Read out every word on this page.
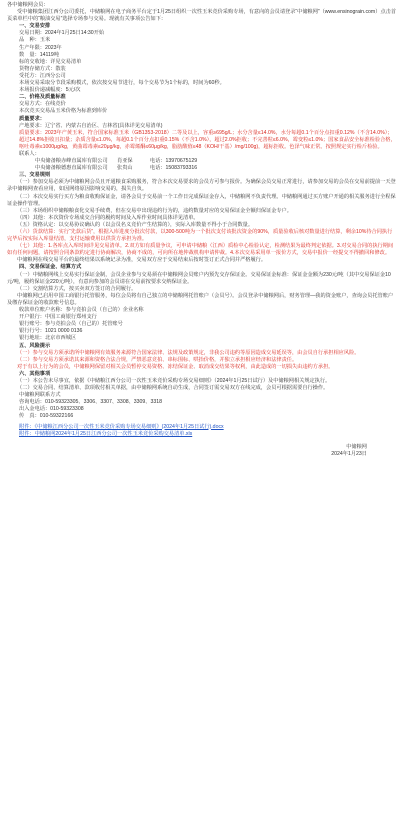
各中储粮网会员：

受中储粮集团江西分公司委托，中储粮网在电子商务平台定于1月25日组织一次性玉米竞价采购专场，有意向的会员请登录“中储粮网”（www.ensinograin.com）点击首页菜单栏中的“粮油交易”选择专场参与交易。现就有关事项公告如下：

一、交易安排

交易日期：2024年1月25日14:30开始

品　种：玉米

生产年限：2023年

数　量：14119吨

标的交收地：详见交易清单

货物存储方式：散装

受托方：江西分公司

本场交易采取分节段采购模式，依次按交易节进行，每个交易节为1个标的，时间为60秒。

本场报价递减幅度：5元/次

二、价格及质量标准

交易方式：在线竞价

本次竞买交易品玉米价格为标准到库价

质量要求：

产地要求：辽宁省、内蒙古自治区、吉林省(具体详见交易清单)

质量要求：2023年产黄玉米，符合国家标准玉米（GB1353-2018）二等及以上，容重≥695g/L；水分含量≤14.0%，水分每超0.1个百分点扣重0.12%（不含14.0%）；超过14.8%拒收且扣量；杂质含量≤1.0%，每超0.1个百分点扣重0.15%（不含1.0%），超过2.0%拒收；不完善粒≤6.0%，霉变粒≤1.0%；国家食品安全标准检验合格，呕吐毒素≤1000μg/kg，黄曲霉毒素≤20μg/kg，赤霉烯酮≤60μg/kg，脂肪酸值≤48（KOH/干基）/mg/100g)，超标拒收。色泽气味正常。按照规定实行检斤检验。

联系人：

中央储备粮赤峰直属库有限公司 肖亚保	电话：13970675129

中央储备粮德惠直属库有限公司 张贵山	电话：15083793316

三、交易规则

（一）参加交易必须为中储粮网会员且开通粮食采购服务，符合本次交易要求的会员方可参与报价。为确保会员交易正常进行，请参加交易的会员在交易前提前一天登录中储粮网查看应用，如因网络原因影响交易的，损失自负。

（二）本次交易实行买方为粮食收购保证金，请各会员于交易前一个工作日完成保证金存入，中储粮网不负责代理。中储粮网通过买方账户开通的相关服务进行全程保证金操作管理。

（三）本场组织中储粮粮食化交易手续费，但在交易中出现违约行为的，违约数量对应的交易保证金全额归保证金专户。

（四）其他：本次资价专场成交合同的履约时间及入库作业时间具体详见清单。

（五）资格认定：以交易协议确认的（以会员名义竞价产生结算的），实际入库数量不得小于合同数量。

（六）货款结算：实行“先款后货”，根据入库进度分批次付款，以300-500吨为一个批次支付该批次资金的90%，质量验收后核对数量进行结算，剩余10%待合同执行完毕后按实际入库量结清，支付运输费用以供货方承担为准。

（七）其他：1.各库点入库时间详见交易清单。2.双方如有质量争议，可申请中储粮（江西）质检中心检验认定，检测结果为最终判定依据。3.对交易合同的执行期间如有任何问题，请按照合同条款约定进行协商解决，协商不成的，可向所在地仲裁机构申请仲裁。4.本次交易采用单一报价方式，交易中报价一经提交不得撤回和修改。

中储粮网在线交易平台的最终结果以系统记录为准，交易双方应于交易结束后按时签订正式合同并严格履行。

四、交易保证金、结算方式

（一）中储粮网线上交易实行保证金制，会员企业参与交易须在中储粮网会员账户内预先交存保证金。交易保证金标准：保证金金额为230元/吨（其中交易保证金10元/吨，履约保证金220元/吨），有意向参加的会员请在交易前按要求交纳保证金。

（二）交割结算方式，按买卖双方签订的合同履行。

中储粮网已启用中国工商银行托管服务，每位会员将有自己独立的中储粮网托管账户（会员号）。会员登录中储粮网后，财务管理—我的资金账户，查询会员托管账户及缴存保证金的收款账号信息。

收款单位账户名称：参与竞拍会员（自己的）企业名称

开户银行：中国工商银行郑州支行

银行账号：参与竞拍会员（自己的）托管账号

银行行号：1021 0000 0136

银行地址：北京市西城区

五、风险提示

（一）参与交易方须承诺所中储粮网有效服务来源符合国家法律、法规及政策规定，非我公司违约等原因造成交易延误等，由会员自行承担相应风险。

（二）参与交易方须承诺其来源和资格合法合规，严禁恶意竞拍、串标围标、哄抬价格，并独立承担相应经济和法律责任。

对于有以上行为的会员，中储粮网保留对相关会员暂停交易资格、冻结保证金、取消成交结果等权利，由此造成的一切损失由违约方承担。

六、其他事项

（一）本公告未尽事宜，依据《中储粮江西分公司一次性玉米竞价采购专场交易细则》（2024年1月25日试行）及中储粮网相关规定执行。

（二）交易合同、结算清单、款项收付相关单据，由中储粮网系统自动生成，合同签订需交易双方在线完成，会员可根据需要自行操作。

中储粮网联系方式

咨询电话：010-59323305、3306、3307、3308、3309、3318

出入金电话：010-59323308

传　真：010-59322166

附件：《中储粮江西分公司一次性玉米竞价采购专场交易细则》(2024年1月25日试行).docx
附件：中储粮网2024年1月25日江西分公司一次性玉米竞价采购交易清单.xls

中储粮网

2024年1月23日
